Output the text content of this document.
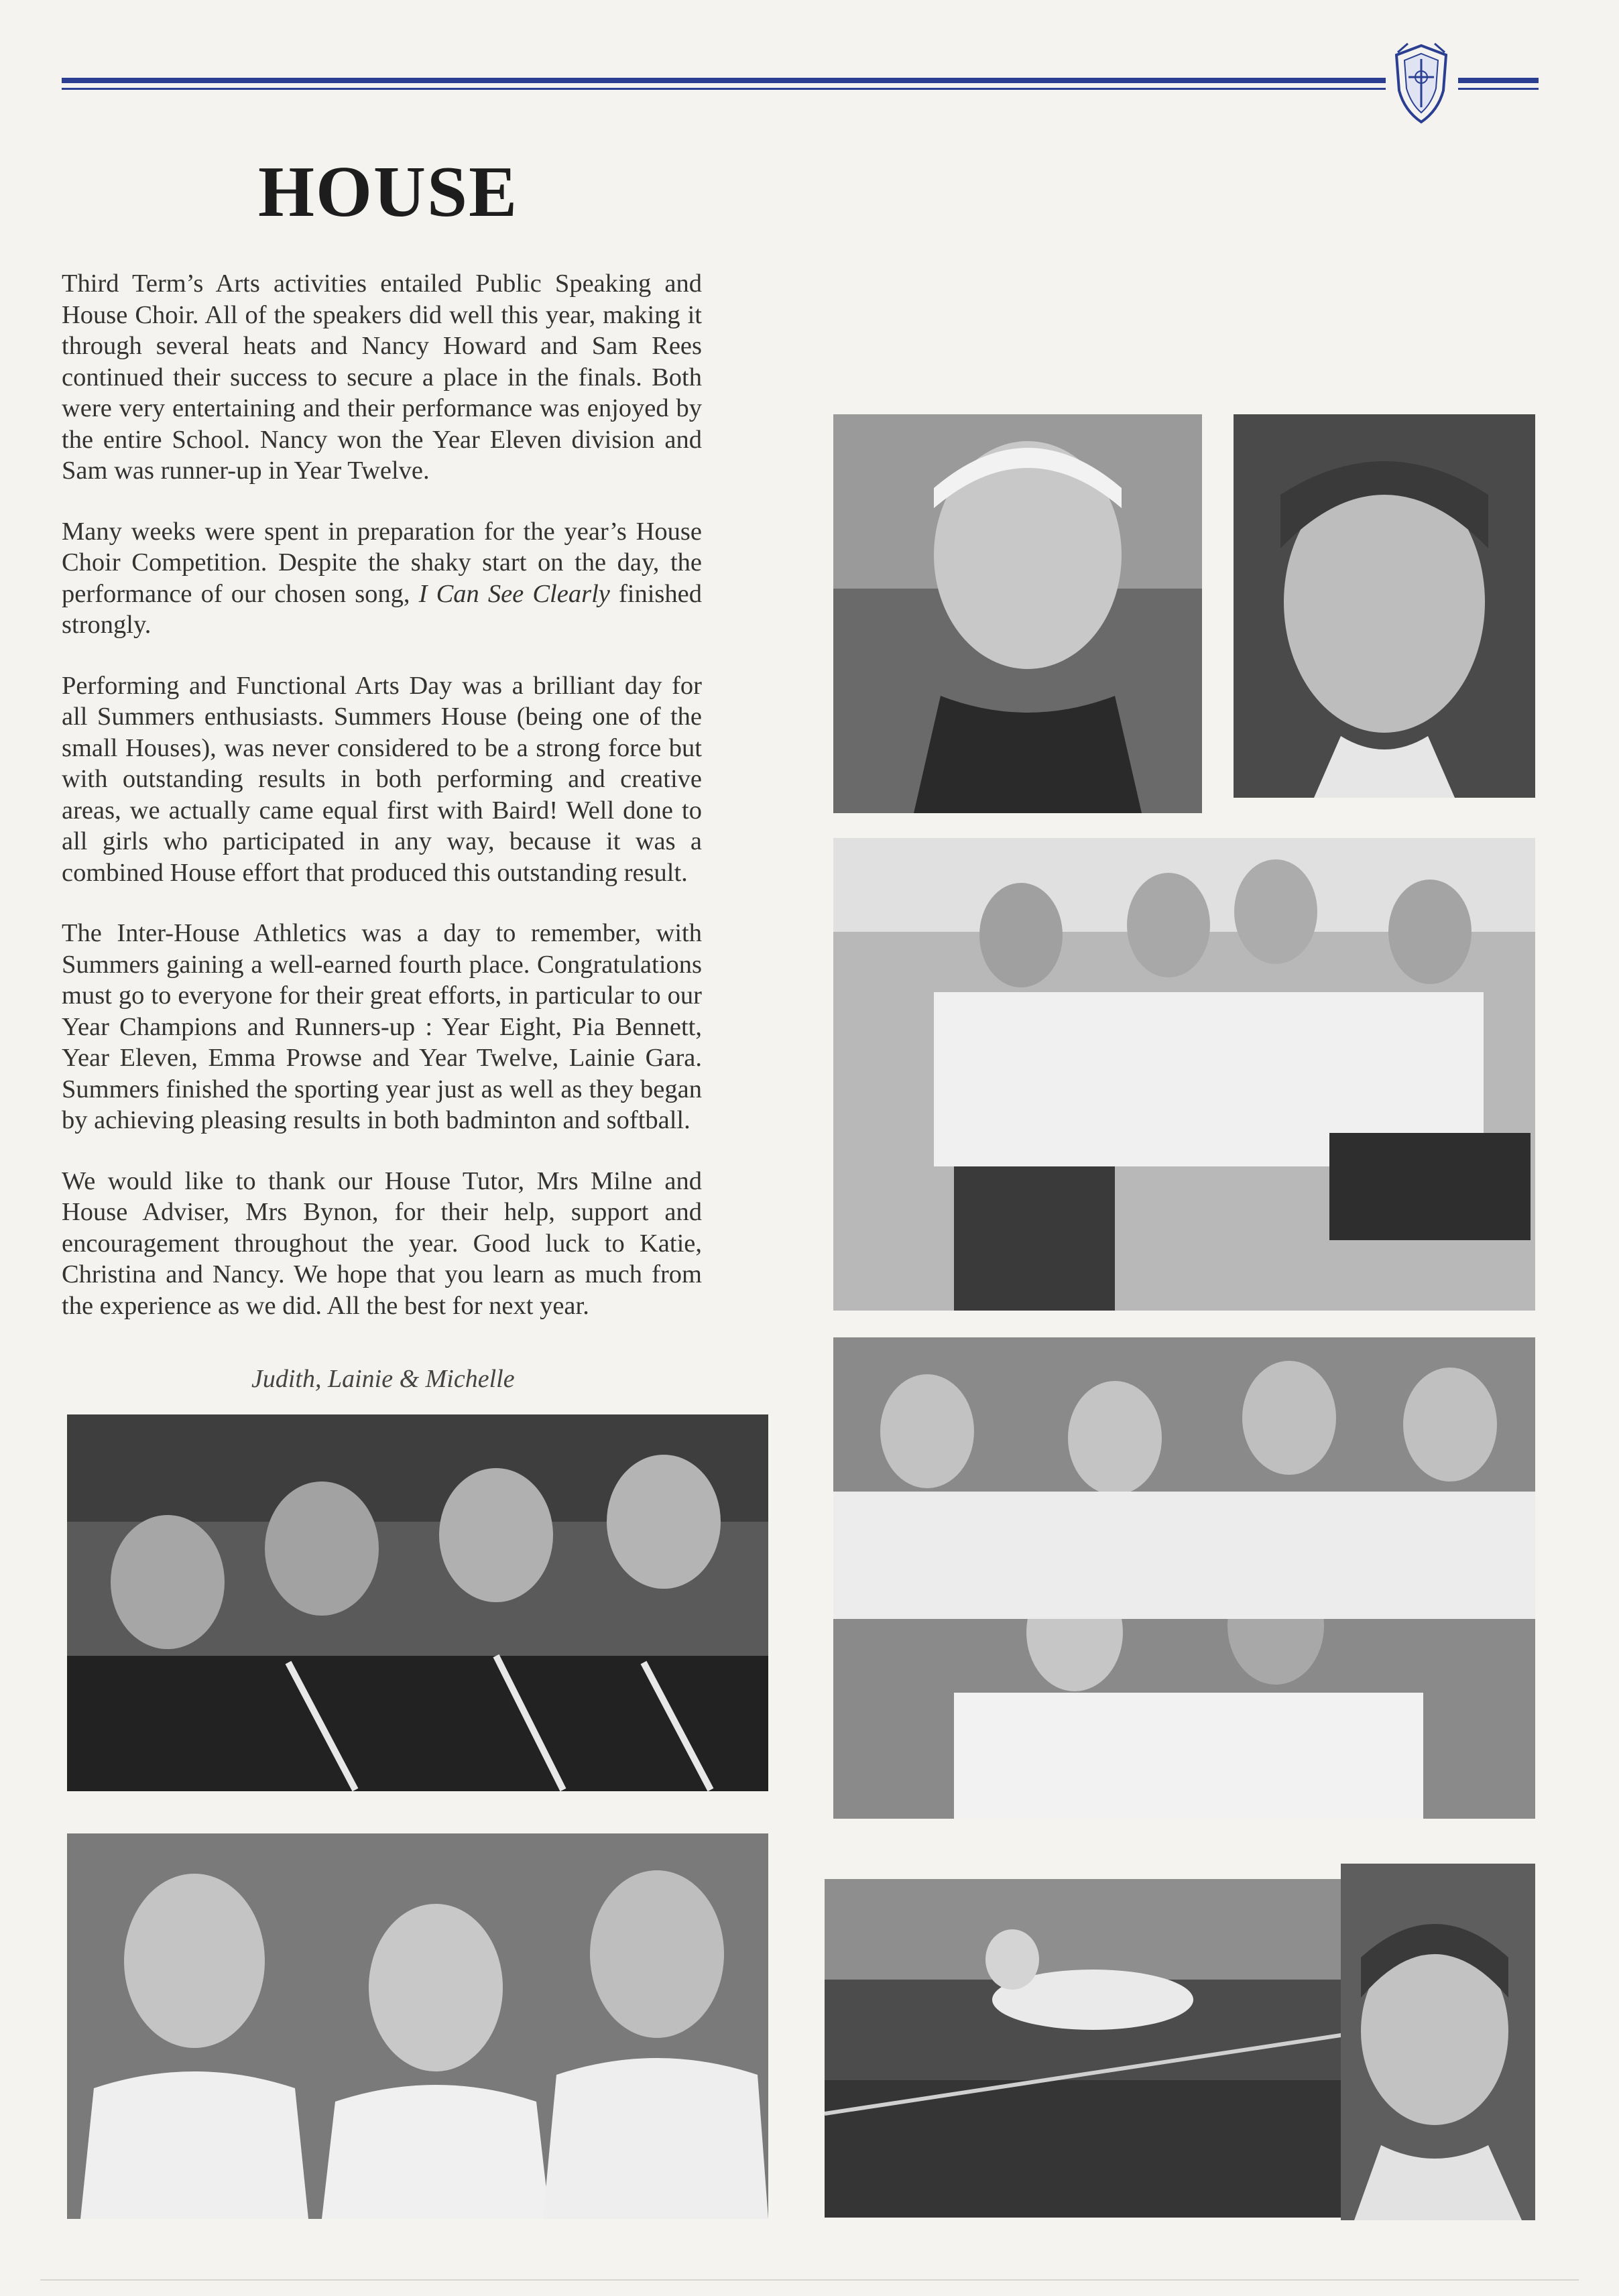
HOUSE

Third Term’s Arts activities entailed Public Speaking and House Choir. All of the speakers did well this year, making it through several heats and Nancy Howard and Sam Rees continued their success to secure a place in the finals. Both were very entertaining and their performance was enjoyed by the entire School. Nancy won the Year Eleven division and Sam was runner-up in Year Twelve.

Many weeks were spent in preparation for the year’s House Choir Competition. Despite the shaky start on the day, the performance of our chosen song, I Can See Clearly finished strongly.

Performing and Functional Arts Day was a brilliant day for all Summers enthusiasts. Summers House (being one of the small Houses), was never considered to be a strong force but with outstanding results in both performing and creative areas, we actually came equal first with Baird! Well done to all girls who participated in any way, because it was a combined House effort that produced this outstanding result.

The Inter-House Athletics was a day to remember, with Summers gaining a well-earned fourth place. Congratulations must go to everyone for their great efforts, in particular to our Year Champions and Runners-up : Year Eight, Pia Bennett, Year Eleven, Emma Prowse and Year Twelve, Lainie Gara. Summers finished the sporting year just as well as they began by achieving pleasing results in both badminton and softball.

We would like to thank our House Tutor, Mrs Milne and House Adviser, Mrs Bynon, for their help, support and encouragement throughout the year. Good luck to Katie, Christina and Nancy. We hope that you learn as much from the experience as we did. All the best for next year.

Judith, Lainie & Michelle
